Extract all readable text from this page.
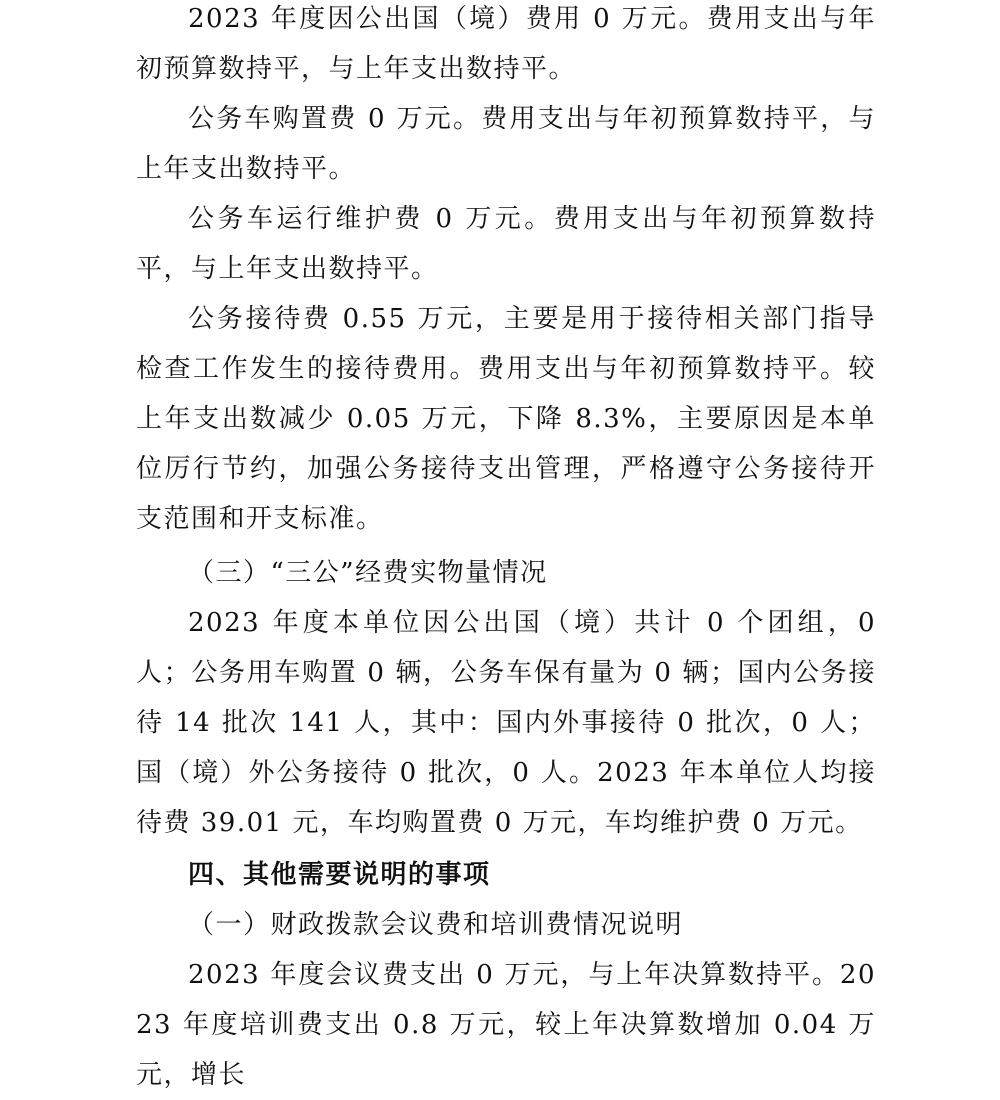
2023 年度因公出国（境）费用 0 万元。费用支出与年初预算数持平，与上年支出数持平。

公务车购置费 0 万元。费用支出与年初预算数持平，与上年支出数持平。

公务车运行维护费 0 万元。费用支出与年初预算数持平，与上年支出数持平。

公务接待费 0.55 万元，主要是用于接待相关部门指导检查工作发生的接待费用。费用支出与年初预算数持平。较上年支出数减少 0.05 万元，下降 8.3%，主要原因是本单位厉行节约，加强公务接待支出管理，严格遵守公务接待开支范围和开支标准。

（三）“三公”经费实物量情况

2023 年度本单位因公出国（境）共计 0 个团组，0 人；公务用车购置 0 辆，公务车保有量为 0 辆；国内公务接待 14 批次 141 人，其中：国内外事接待 0 批次，0 人；国（境）外公务接待 0 批次，0 人。2023 年本单位人均接待费 39.01 元，车均购置费 0 万元，车均维护费 0 万元。

四、其他需要说明的事项

（一）财政拨款会议费和培训费情况说明

2023 年度会议费支出 0 万元，与上年决算数持平。2023 年度培训费支出 0.8 万元，较上年决算数增加 0.04 万元，增长
